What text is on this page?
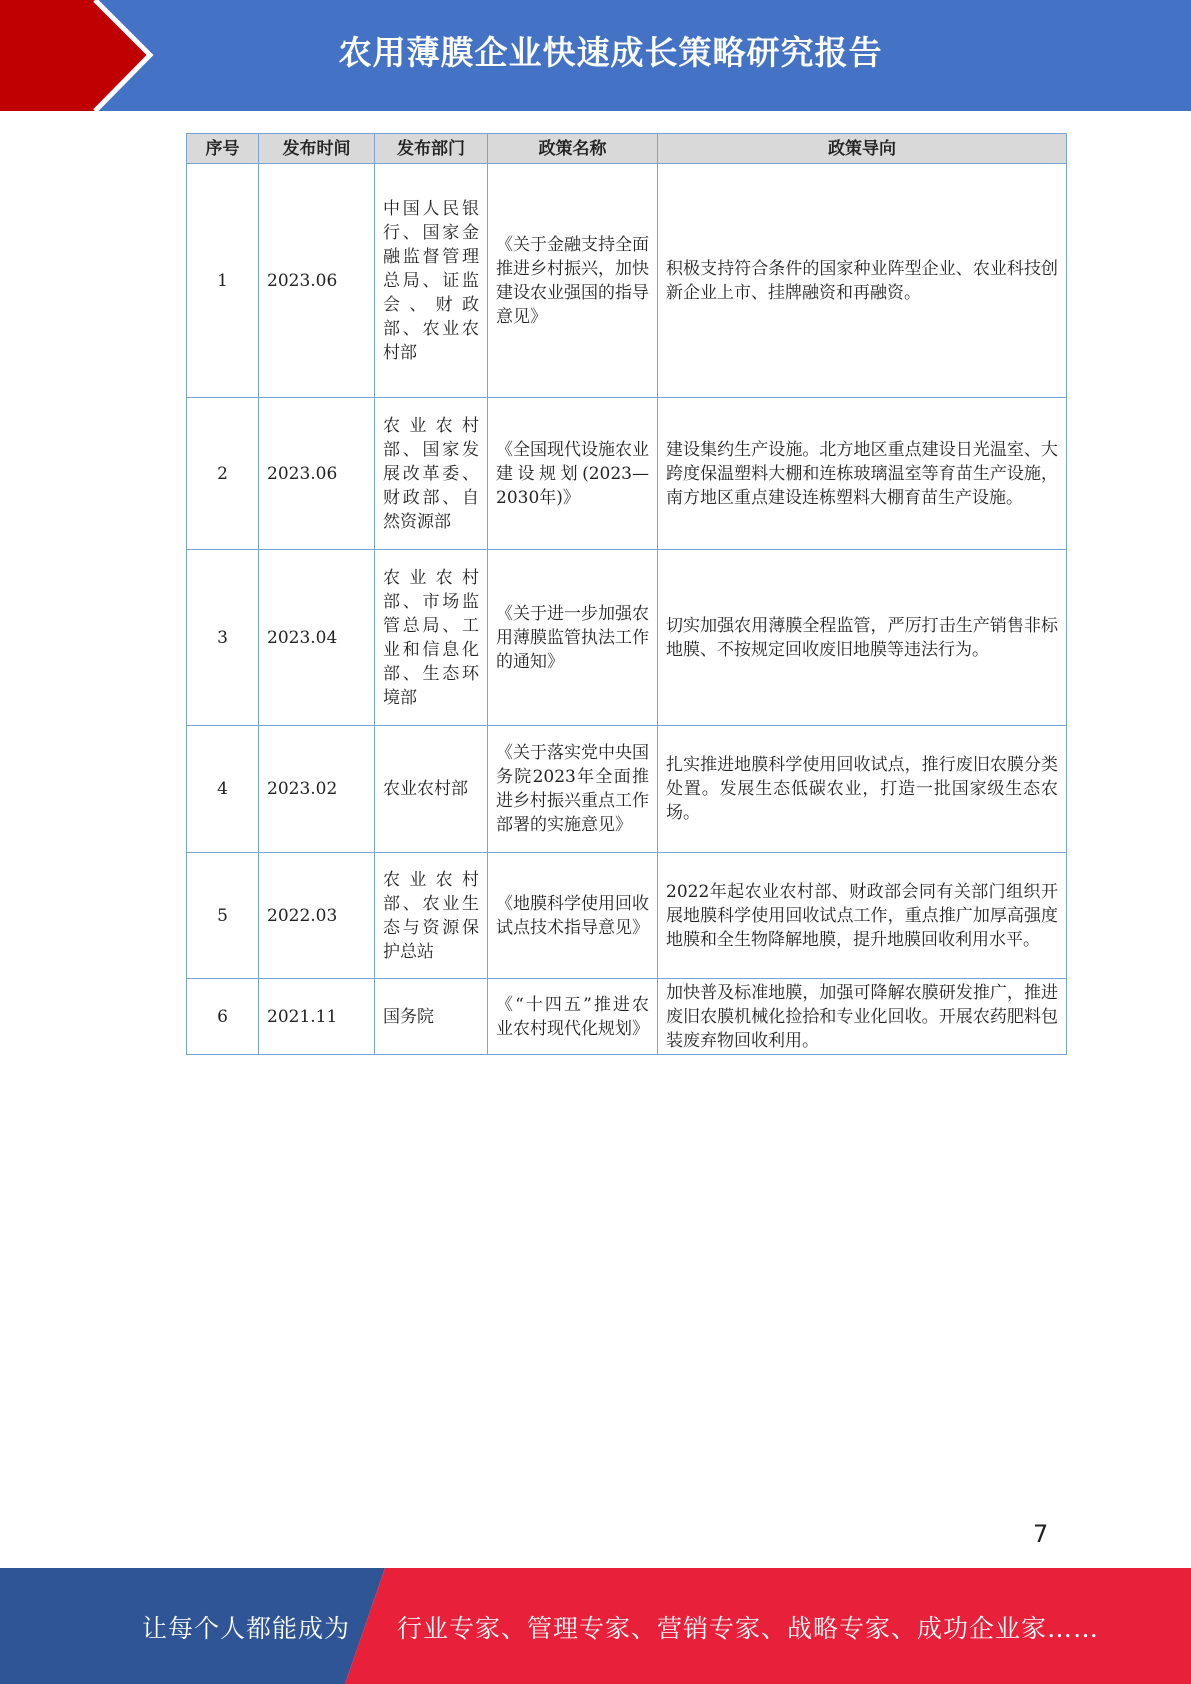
农用薄膜企业快速成长策略研究报告
序号	发布时间	发布部门	政策名称	政策导向
1	2023.06	中国人民银行、国家金融监督管理总局、证监会、财政部、农业农村部	《关于金融支持全面推进乡村振兴，加快建设农业强国的指导意见》	积极支持符合条件的国家种业阵型企业、农业科技创新企业上市、挂牌融资和再融资。
2	2023.06	农业农村部、国家发展改革委、财政部、自然资源部	《全国现代设施农业建设规划(2023—2030年)》	建设集约生产设施。北方地区重点建设日光温室、大跨度保温塑料大棚和连栋玻璃温室等育苗生产设施，南方地区重点建设连栋塑料大棚育苗生产设施。
3	2023.04	农业农村部、市场监管总局、工业和信息化部、生态环境部	《关于进一步加强农用薄膜监管执法工作的通知》	切实加强农用薄膜全程监管，严厉打击生产销售非标地膜、不按规定回收废旧地膜等违法行为。
4	2023.02	农业农村部	《关于落实党中央国务院2023年全面推进乡村振兴重点工作部署的实施意见》	扎实推进地膜科学使用回收试点，推行废旧农膜分类处置。发展生态低碳农业，打造一批国家级生态农场。
5	2022.03	农业农村部、农业生态与资源保护总站	《地膜科学使用回收试点技术指导意见》	2022年起农业农村部、财政部会同有关部门组织开展地膜科学使用回收试点工作，重点推广加厚高强度地膜和全生物降解地膜，提升地膜回收利用水平。
6	2021.11	国务院	《“十四五”推进农业农村现代化规划》	加快普及标准地膜，加强可降解农膜研发推广，推进废旧农膜机械化捡拾和专业化回收。开展农药肥料包装废弃物回收利用。
7
让每个人都能成为 行业专家、管理专家、营销专家、战略专家、成功企业家……
